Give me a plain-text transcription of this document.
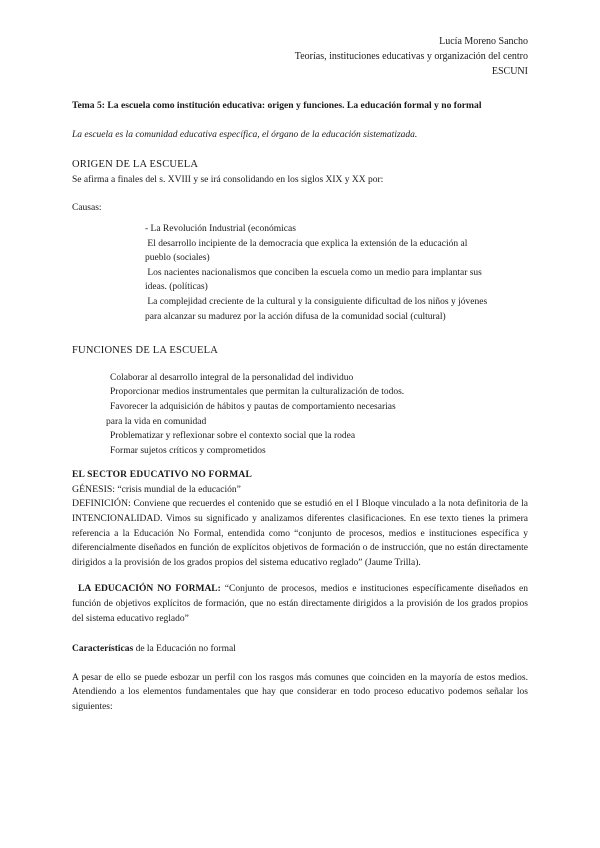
Lucía Moreno Sancho
Teorías, instituciones educativas y organización del centro
ESCUNI
Tema 5: La escuela como institución educativa: origen y funciones. La educación formal y no formal
La escuela es la comunidad educativa específica, el órgano de la educación sistematizada.
ORIGEN DE LA ESCUELA
Se afirma a finales del s. XVIII y se irá consolidando en los siglos XIX y XX por:
Causas:
- La Revolución Industrial (económicas
El desarrollo incipiente de la democracia que explica la extensión de la educación al pueblo (sociales)
Los nacientes nacionalismos que conciben la escuela como un medio para implantar sus ideas. (políticas)
La complejidad creciente de la cultural y la consiguiente dificultad de los niños y jóvenes para alcanzar su madurez por la acción difusa de la comunidad social (cultural)
FUNCIONES DE LA ESCUELA
Colaborar al desarrollo integral de la personalidad del individuo
Proporcionar medios instrumentales que permitan la culturalización de todos.
Favorecer la adquisición de hábitos y pautas de comportamiento necesarias
para la vida en comunidad
Problematizar y reflexionar sobre el contexto social que la rodea
Formar sujetos críticos y comprometidos
EL SECTOR EDUCATIVO NO FORMAL
GÉNESIS: “crisis mundial de la educación”
DEFINICIÓN: Conviene que recuerdes el contenido que se estudió en el I Bloque vinculado a la nota definitoria de la INTENCIONALIDAD. Vimos su significado y analizamos diferentes clasificaciones. En ese texto tienes la primera referencia a la Educación No Formal, entendida como “conjunto de procesos, medios e instituciones específica y diferencialmente diseñados en función de explícitos objetivos de formación o de instrucción, que no están directamente dirigidos a la provisión de los grados propios del sistema educativo reglado” (Jaume Trilla).
LA EDUCACIÓN NO FORMAL: “Conjunto de procesos, medios e instituciones específicamente diseñados en función de objetivos explícitos de formación, que no están directamente dirigidos a la provisión de los grados propios del sistema educativo reglado”
Características de la Educación no formal
A pesar de ello se puede esbozar un perfil con los rasgos más comunes que coinciden en la mayoría de estos medios. Atendiendo a los elementos fundamentales que hay que considerar en todo proceso educativo podemos señalar los siguientes:
